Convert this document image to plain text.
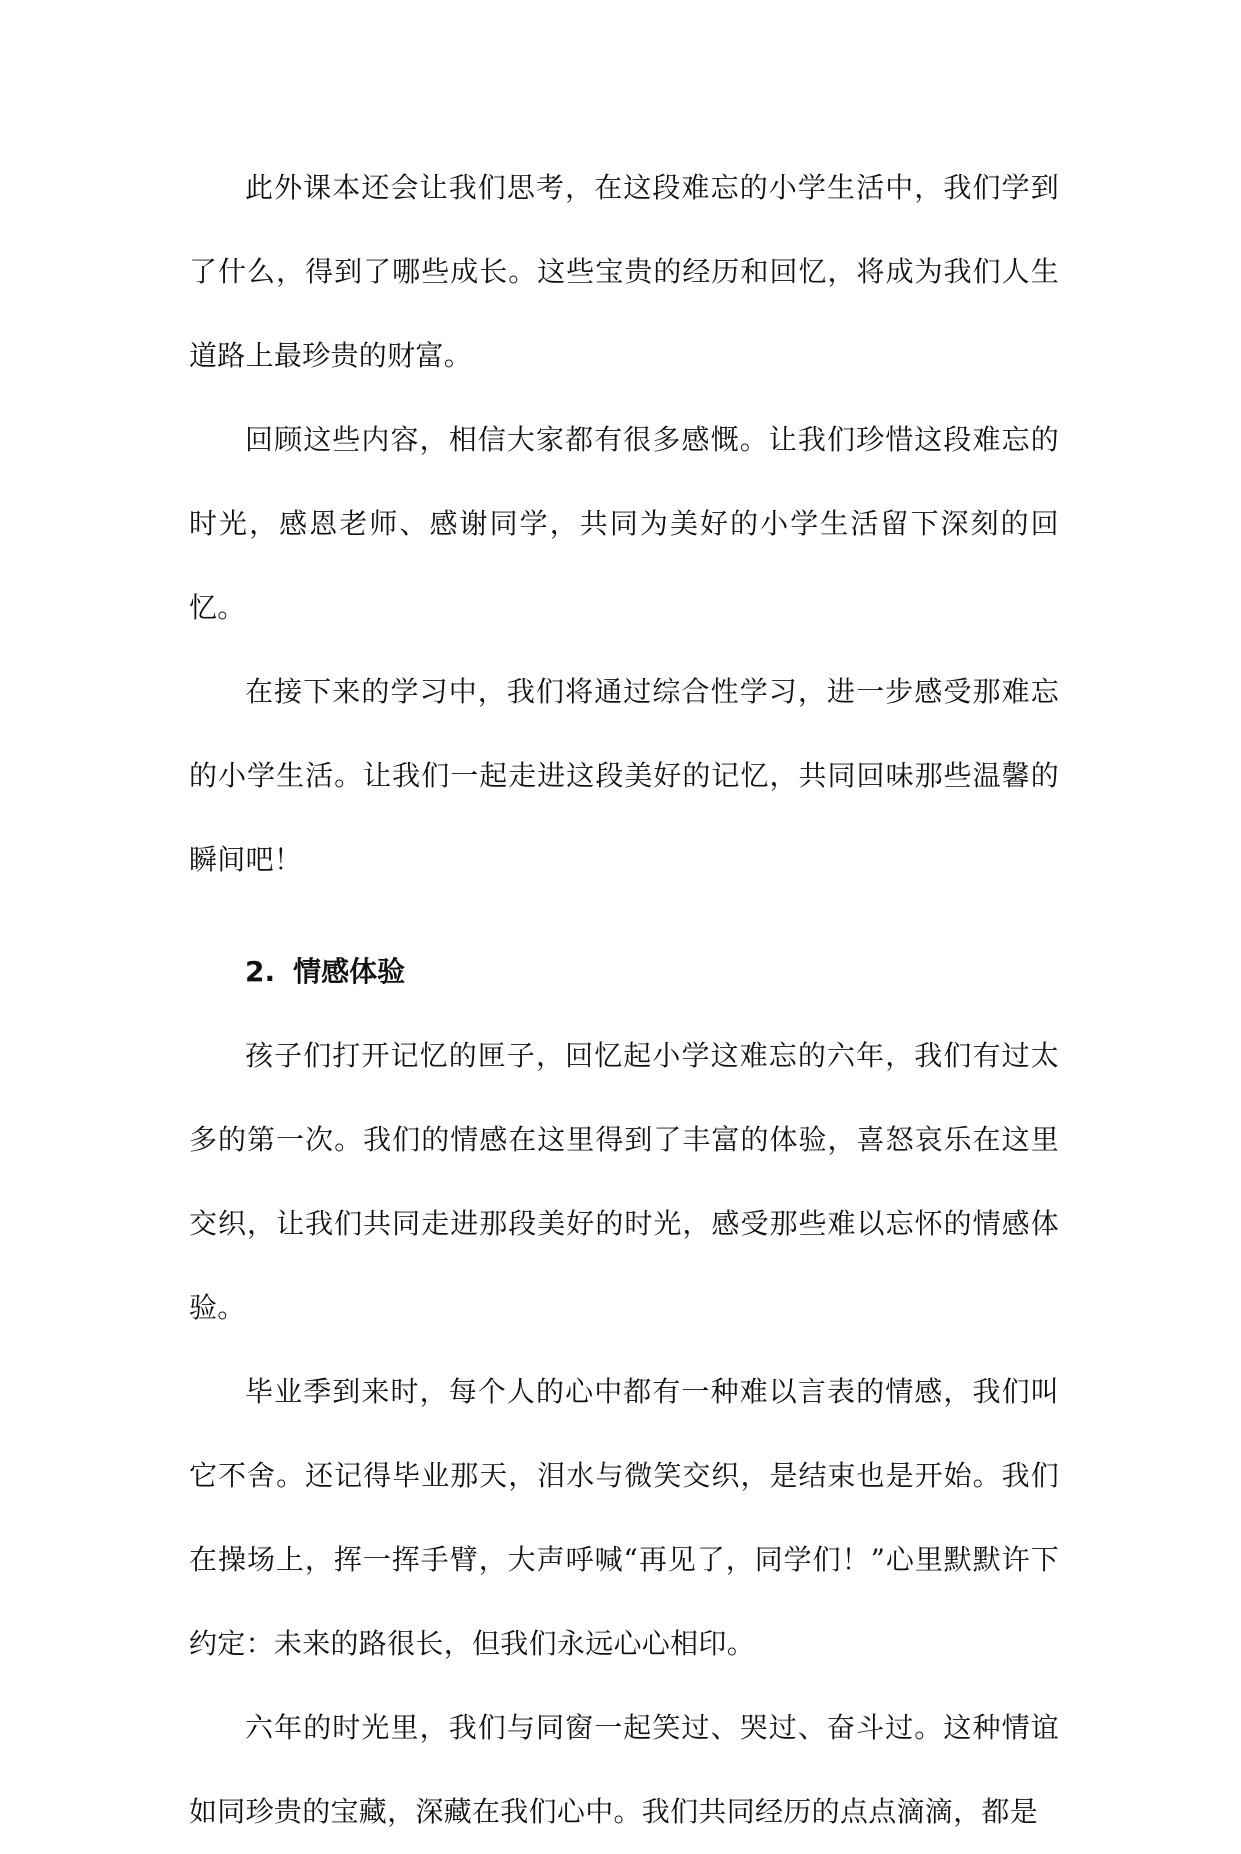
此外课本还会让我们思考，在这段难忘的小学生活中，我们学到了什么，得到了哪些成长。这些宝贵的经历和回忆，将成为我们人生道路上最珍贵的财富。

回顾这些内容，相信大家都有很多感慨。让我们珍惜这段难忘的时光，感恩老师、感谢同学，共同为美好的小学生活留下深刻的回忆。

在接下来的学习中，我们将通过综合性学习，进一步感受那难忘的小学生活。让我们一起走进这段美好的记忆，共同回味那些温馨的瞬间吧！

2. 情感体验

孩子们打开记忆的匣子，回忆起小学这难忘的六年，我们有过太多的第一次。我们的情感在这里得到了丰富的体验，喜怒哀乐在这里交织，让我们共同走进那段美好的时光，感受那些难以忘怀的情感体验。

毕业季到来时，每个人的心中都有一种难以言表的情感，我们叫它不舍。还记得毕业那天，泪水与微笑交织，是结束也是开始。我们在操场上，挥一挥手臂，大声呼喊“再见了，同学们！”心里默默许下约定：未来的路很长，但我们永远心心相印。

六年的时光里，我们与同窗一起笑过、哭过、奋斗过。这种情谊如同珍贵的宝藏，深藏在我们心中。我们共同经历的点点滴滴，都是
